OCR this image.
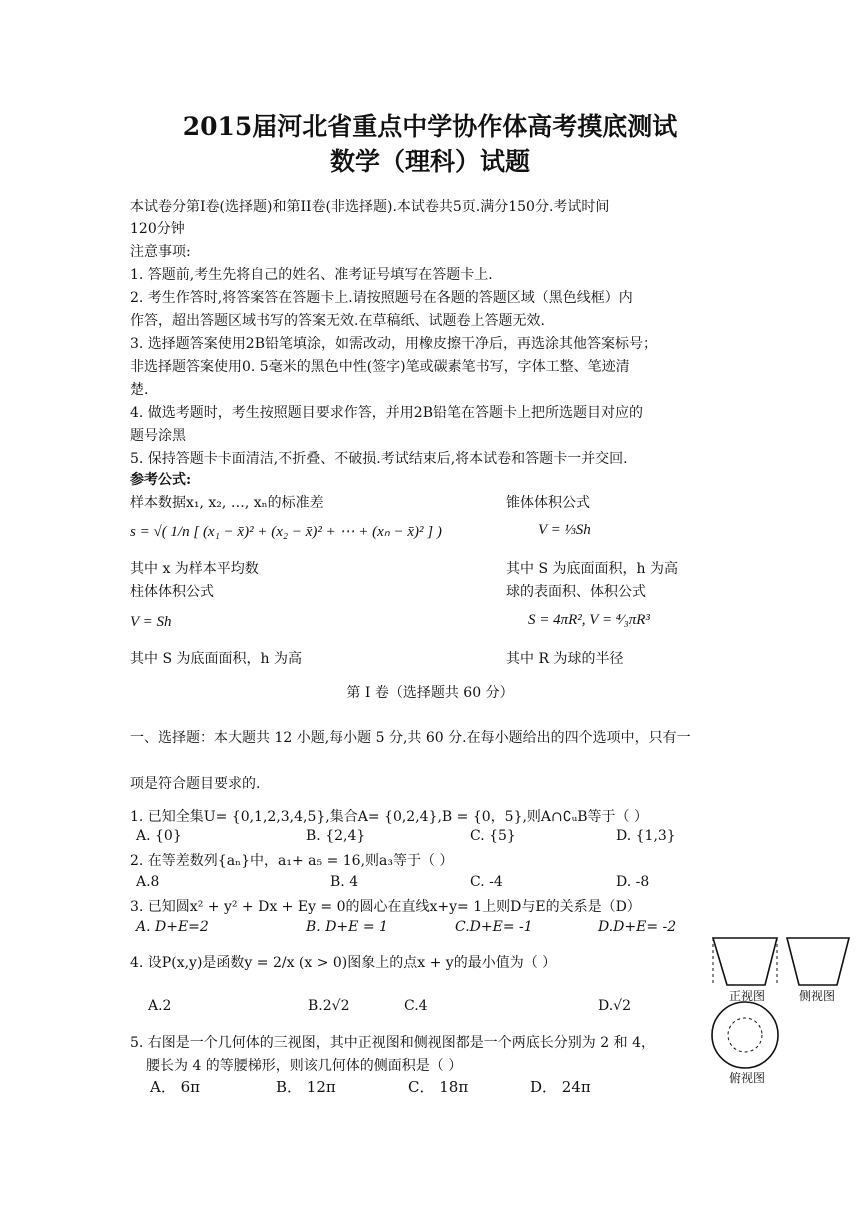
2015届河北省重点中学协作体高考摸底测试
数学（理科）试题
本试卷分第I卷(选择题)和第II卷(非选择题).本试卷共5页.满分150分.考试时间
120分钟
注意事项:
1. 答题前,考生先将自己的姓名、准考证号填写在答题卡上.
2. 考生作答时,将答案答在答题卡上.请按照题号在各题的答题区域（黑色线框）内
作答，超出答题区域书写的答案无效.在草稿纸、试题卷上答题无效.
3. 选择题答案使用2B铅笔填涂，如需改动，用橡皮擦干净后，再选涂其他答案标号；
非选择题答案使用0. 5毫米的黑色中性(签字)笔或碳素笔书写，字体工整、笔迹清
楚.
4. 做选考题时，考生按照题目要求作答，并用2B铅笔在答题卡上把所选题目对应的
题号涂黑
5. 保持答题卡卡面清洁,不折叠、不破损.考试结束后,将本试卷和答题卡一并交回.
参考公式:
样本数据x₁, x₂, …, xₙ的标准差	锥体体积公式
s = √( 1/n [ (x₁ − x̄)² + (x₂ − x̄)² + ⋯ + (xₙ − x̄)² ] )	V = ⅓Sh
其中 x 为样本平均数	其中 S 为底面面积，h 为高
柱体体积公式	球的表面积、体积公式
V = Sh	S = 4πR², V = ⁴⁄₃πR³
其中 S 为底面面积，h 为高	其中 R 为球的半径
第 I 卷（选择题共 60 分）
一、选择题：本大题共 12 小题,每小题 5 分,共 60 分.在每小题给出的四个选项中，只有一
项是符合题目要求的.
1. 已知全集U= {0,1,2,3,4,5},集合A= {0,2,4},B = {0，5},则A∩∁ᵤB等于（ ）
A. {0}	B. {2,4}	C. {5}	D. {1,3}
2. 在等差数列{aₙ}中，a₁+ a₅ = 16,则a₃等于（ ）
A.8	B. 4	C. -4	D. -8
3. 已知圆x² + y² + Dx + Ey = 0的圆心在直线x+y= 1上则D与E的关系是（D）
A. D+E=2	B. D+E = 1	C.D+E= -1	D.D+E= -2
4. 设P(x,y)是函数y = 2/x (x > 0)图象上的点x + y的最小值为（ ）
A.2	B.2√2	C.4	D.√2
5. 右图是一个几何体的三视图，其中正视图和侧视图都是一个两底长分别为 2 和 4，
腰长为 4 的等腰梯形，则该几何体的侧面积是（ ）
A． 6π	B． 12π	C． 18π	D． 24π
正视图	侧视图
俯视图
